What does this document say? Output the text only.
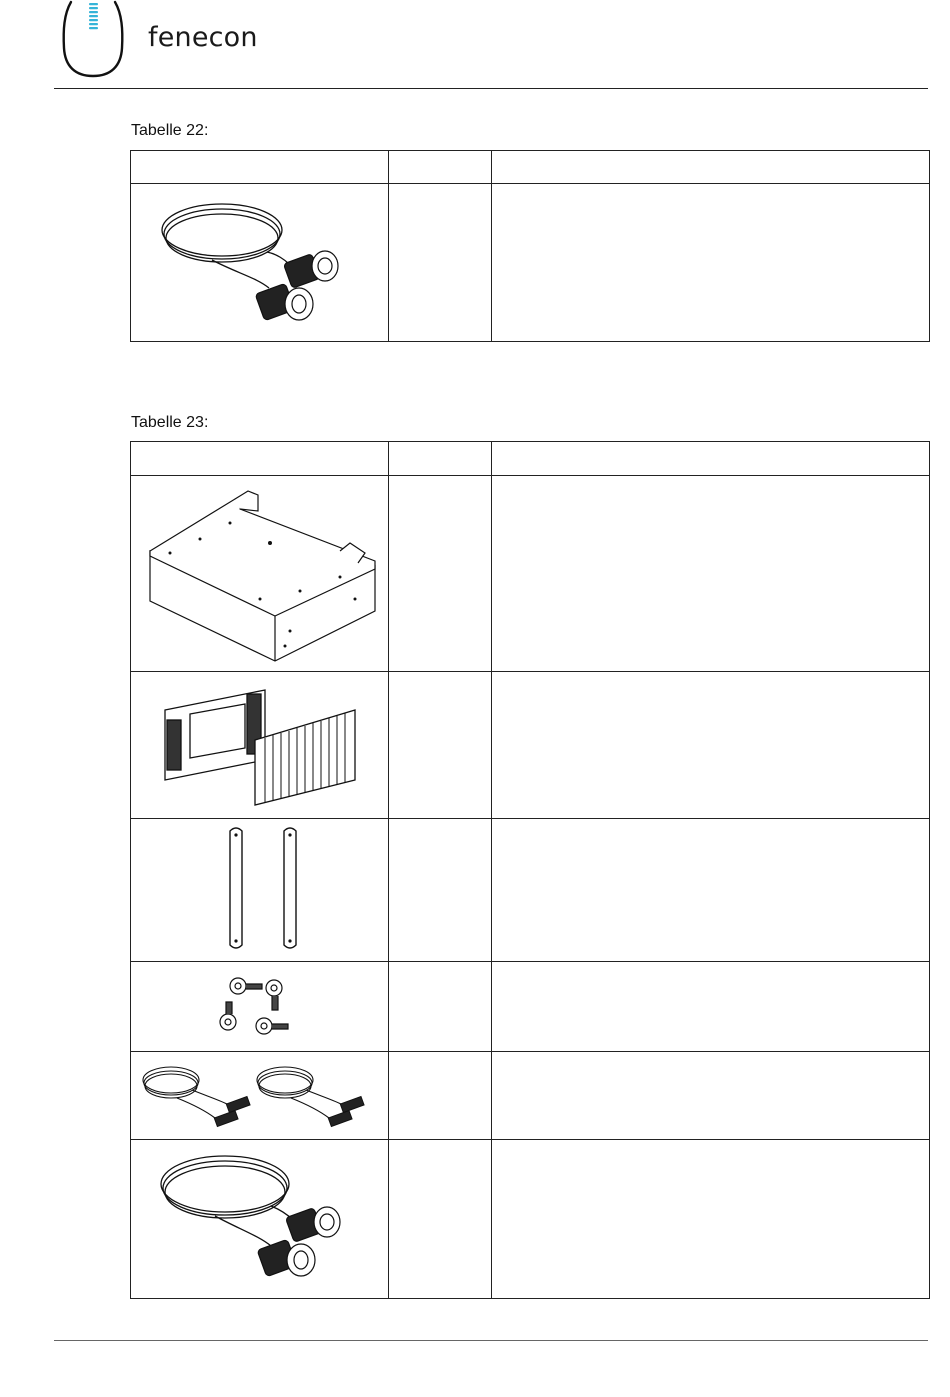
fenecon
Tabelle 22:

Tabelle 23:
